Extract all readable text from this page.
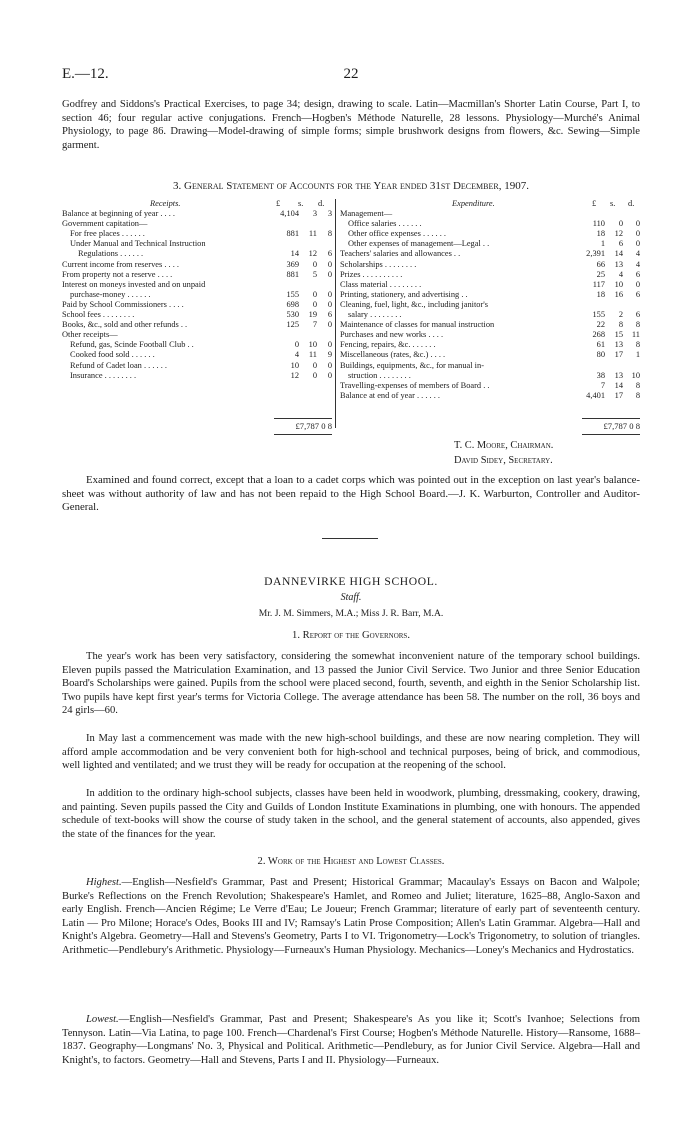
E.—12.	22

Godfrey and Siddons's Practical Exercises, to page 34; design, drawing to scale. Latin—Macmillan's Shorter Latin Course, Part I, to section 46; four regular active conjugations. French—Hogben's Méthode Naturelle, 28 lessons. Physiology—Murché's Animal Physiology, to page 86. Drawing—Model-drawing of simple forms; simple brushwork designs from flowers, &c. Sewing—Simple garment.

3. General Statement of Accounts for the Year ended 31st December, 1907.
Receipts.	£ s. d.
Balance at beginning of year . . . .	4,104	3	3
Government capitation—
For free places . . . . . .	881	11	8
Under Manual and Technical Instruction
Regulations . . . . . .	14	12	6
Current income from reserves . . . .	369	0	0
From property not a reserve . . . .	881	5	0
Interest on moneys invested and on unpaid
purchase-money . . . . . .	155	0	0
Paid by School Commissioners . . . .	698	0	0
School fees . . . . . . . .	530	19	6
Books, &c., sold and other refunds . .	125	7	0
Other receipts—
Refund, gas, Scinde Football Club . .	0	10	0
Cooked food sold . . . . . .	4	11	9
Refund of Cadet loan . . . . . .	10	0	0
Insurance . . . . . . . .	12	0	0
Expenditure.	£ s. d.
Management—
Office salaries . . . . . .	110	0	0
Other office expenses . . . . . .	18	12	0
Other expenses of management—Legal . .	1	6	0
Teachers' salaries and allowances . .	2,391	14	4
Scholarships . . . . . . . .	66	13	4
Prizes . . . . . . . . . .	25	4	6
Class material . . . . . . . .	117	10	0
Printing, stationery, and advertising . .	18	16	6
Cleaning, fuel, light, &c., including janitor's
salary . . . . . . . .	155	2	6
Maintenance of classes for manual instruction	22	8	8
Purchases and new works . . . .	268	15	11
Fencing, repairs, &c. . . . . . .	61	13	8
Miscellaneous (rates, &c.) . . . .	80	17	1
Buildings, equipments, &c., for manual in-
struction . . . . . . . .	38	13	10
Travelling-expenses of members of Board . .	7	14	8
Balance at end of year . . . . . .	4,401	17	8
£7,787 0 8	£7,787 0 8
T. C. Moore, Chairman.
David Sidey, Secretary.

Examined and found correct, except that a loan to a cadet corps which was pointed out in the exception on last year's balance-sheet was without authority of law and has not been repaid to the High School Board.—J. K. Warburton, Controller and Auditor-General.

DANNEVIRKE HIGH SCHOOL.
Staff.
Mr. J. M. Simmers, M.A.; Miss J. R. Barr, M.A.
1. Report of the Governors.

The year's work has been very satisfactory, considering the somewhat inconvenient nature of the temporary school buildings. Eleven pupils passed the Matriculation Examination, and 13 passed the Junior Civil Service. Two Junior and three Senior Education Board's Scholarships were gained. Pupils from the school were placed second, fourth, seventh, and eighth in the Senior Scholarship list. Two pupils have kept first year's terms for Victoria College. The average attendance has been 58. The number on the roll, 36 boys and 24 girls—60.

In May last a commencement was made with the new high-school buildings, and these are now nearing completion. They will afford ample accommodation and be very convenient both for high-school and technical purposes, being of brick, and commodious, well lighted and ventilated; and we trust they will be ready for occupation at the reopening of the school.

In addition to the ordinary high-school subjects, classes have been held in woodwork, plumbing, dressmaking, cookery, drawing, and painting. Seven pupils passed the City and Guilds of London Institute Examinations in plumbing, one with honours. The appended schedule of text-books will show the course of study taken in the school, and the general statement of accounts, also appended, gives the state of the finances for the year.

2. Work of the Highest and Lowest Classes.

Highest.—English—Nesfield's Grammar, Past and Present; Historical Grammar; Macaulay's Essays on Bacon and Walpole; Burke's Reflections on the French Revolution; Shakespeare's Hamlet, and Romeo and Juliet; literature, 1625–88, Anglo-Saxon and early English. French—Ancien Régime; Le Verre d'Eau; Le Joueur; French Grammar; literature of early part of seventeenth century. Latin — Pro Milone; Horace's Odes, Books III and IV; Ramsay's Latin Prose Composition; Allen's Latin Grammar. Algebra—Hall and Knight's Algebra. Geometry—Hall and Stevens's Geometry, Parts I to VI. Trigonometry—Lock's Trigonometry, to solution of triangles. Arithmetic—Pendlebury's Arithmetic. Physiology—Furneaux's Human Physiology. Mechanics—Loney's Mechanics and Hydrostatics.

Lowest.—English—Nesfield's Grammar, Past and Present; Shakespeare's As you like it; Scott's Ivanhoe; Selections from Tennyson. Latin—Via Latina, to page 100. French—Chardenal's First Course; Hogben's Méthode Naturelle. History—Ransome, 1688–1837. Geography—Longmans' No. 3, Physical and Political. Arithmetic—Pendlebury, as for Junior Civil Service. Algebra—Hall and Knight's, to factors. Geometry—Hall and Stevens, Parts I and II. Physiology—Furneaux.
